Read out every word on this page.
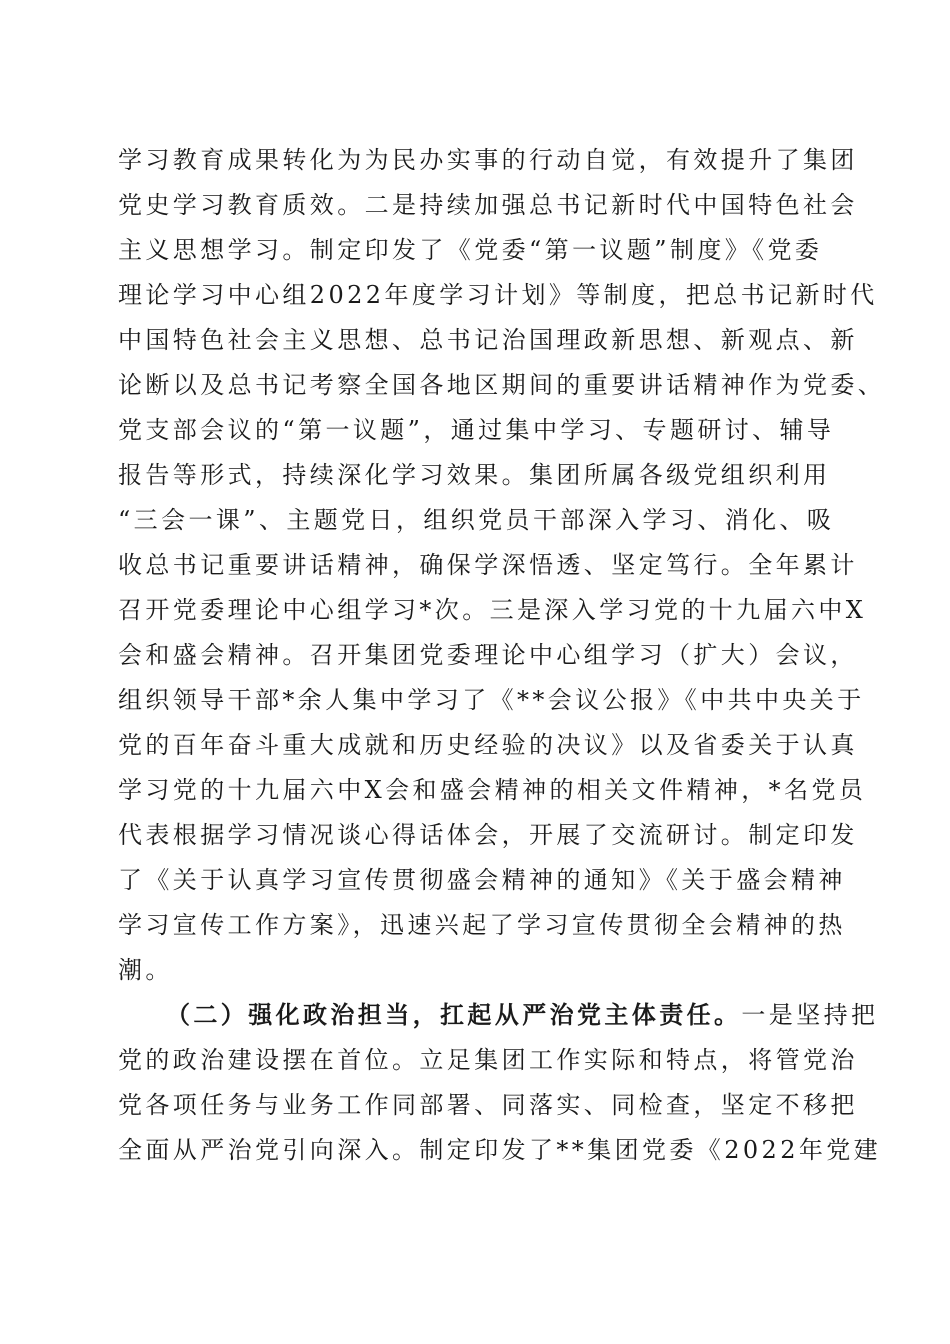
学习教育成果转化为为民办实事的行动自觉，有效提升了集团

党史学习教育质效。二是持续加强总书记新时代中国特色社会

主义思想学习。制定印发了《党委“第一议题”制度》《党委

理论学习中心组2022年度学习计划》等制度，把总书记新时代

中国特色社会主义思想、总书记治国理政新思想、新观点、新

论断以及总书记考察全国各地区期间的重要讲话精神作为党委、

党支部会议的“第一议题”，通过集中学习、专题研讨、辅导

报告等形式，持续深化学习效果。集团所属各级党组织利用

“三会一课”、主题党日，组织党员干部深入学习、消化、吸

收总书记重要讲话精神，确保学深悟透、坚定笃行。全年累计

召开党委理论中心组学习*次。三是深入学习党的十九届六中X

会和盛会精神。召开集团党委理论中心组学习（扩大）会议，

组织领导干部*余人集中学习了《**会议公报》《中共中央关于

党的百年奋斗重大成就和历史经验的决议》以及省委关于认真

学习党的十九届六中X会和盛会精神的相关文件精神，*名党员

代表根据学习情况谈心得话体会，开展了交流研讨。制定印发

了《关于认真学习宣传贯彻盛会精神的通知》《关于盛会精神

学习宣传工作方案》，迅速兴起了学习宣传贯彻全会精神的热

潮。

（二）强化政治担当，扛起从严治党主体责任。一是坚持把

党的政治建设摆在首位。立足集团工作实际和特点，将管党治

党各项任务与业务工作同部署、同落实、同检查，坚定不移把

全面从严治党引向深入。制定印发了**集团党委《2022年党建
